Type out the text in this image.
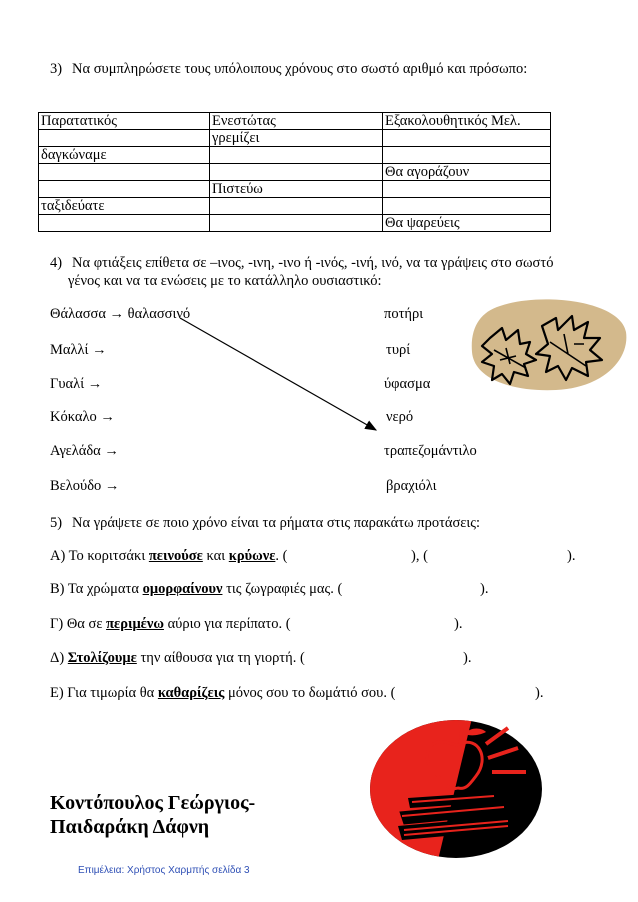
3) Να συμπληρώσετε τους υπόλοιπους χρόνους στο σωστό αριθμό και πρόσωπο:
Παρατατικός	Ενεστώτας	Εξακολουθητικός Μελ.
	γρεμίζει	
δαγκώναμε		
		Θα αγοράζουν
	Πιστεύω	
ταξιδεύατε		
		Θα ψαρεύεις
4) Να φτιάξεις επίθετα σε –ινος, -ινη, -ινο ή -ινός, -ινή, ινό, να τα γράψεις στο σωστό
γένος και να τα ενώσεις με το κατάλληλο ουσιαστικό:
Θάλασσα → θαλασσινό
Μαλλί →
Γυαλί →
Κόκαλο →
Αγελάδα →
Βελούδο →
ποτήρι
τυρί
ύφασμα
νερό
τραπεζομάντιλο
βραχιόλι
5) Να γράψετε σε ποιο χρόνο είναι τα ρήματα στις παρακάτω προτάσεις:
Α) Το κοριτσάκι πεινούσε και κρύωνε. (	), (	).
Β) Τα χρώματα ομορφαίνουν τις ζωγραφιές μας. (	).
Γ) Θα σε περιμένω αύριο για περίπατο. (	).
Δ) Στολίζουμε την αίθουσα για τη γιορτή. (	).
Ε) Για τιμωρία θα καθαρίζεις μόνος σου το δωμάτιό σου. (	).
Κοντόπουλος Γεώργιος-
Παιδαράκη Δάφνη
Επιμέλεια: Χρήστος Χαρμπής σελίδα 3
